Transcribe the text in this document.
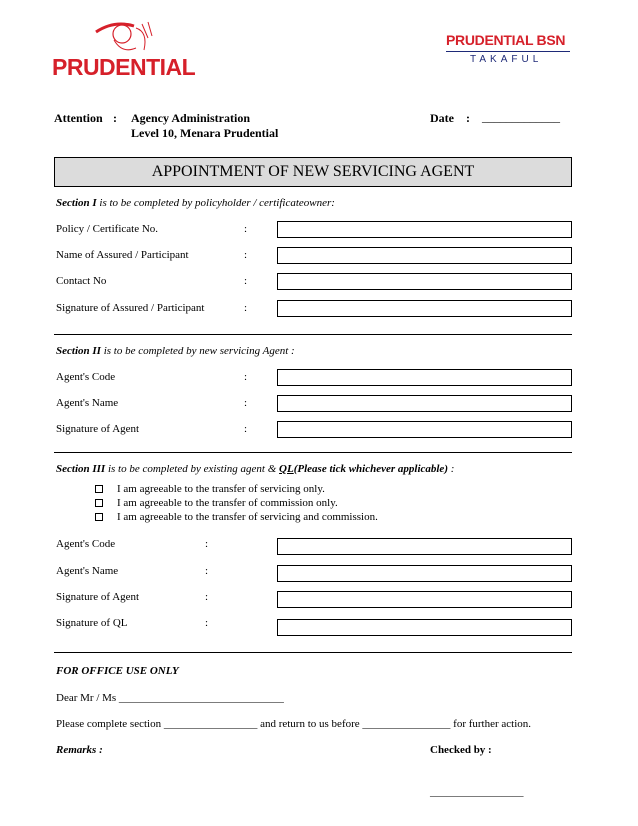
PRUDENTIAL
PRUDENTIAL BSN
TAKAFUL
Attention : Agency Administration
Level 10, Menara Prudential
Date : _____________
APPOINTMENT OF NEW SERVICING AGENT
Section I is to be completed by policyholder / certificateowner:
Policy / Certificate No.	:
Name of Assured / Participant	:
Contact No	:
Signature of Assured / Participant	:
Section II is to be completed by new servicing Agent :
Agent's Code	:
Agent's Name	:
Signature of Agent	:
Section III is to be completed by existing agent & QL(Please tick whichever applicable) :
I am agreeable to the transfer of servicing only.
I am agreeable to the transfer of commission only.
I am agreeable to the transfer of servicing and commission.
Agent's Code	:
Agent's Name	:
Signature of Agent	:
Signature of QL	:
FOR OFFICE USE ONLY
Dear Mr / Ms ______________________________
Please complete section _________________ and return to us before ________________ for further action.
Remarks :	Checked by :
_________________
